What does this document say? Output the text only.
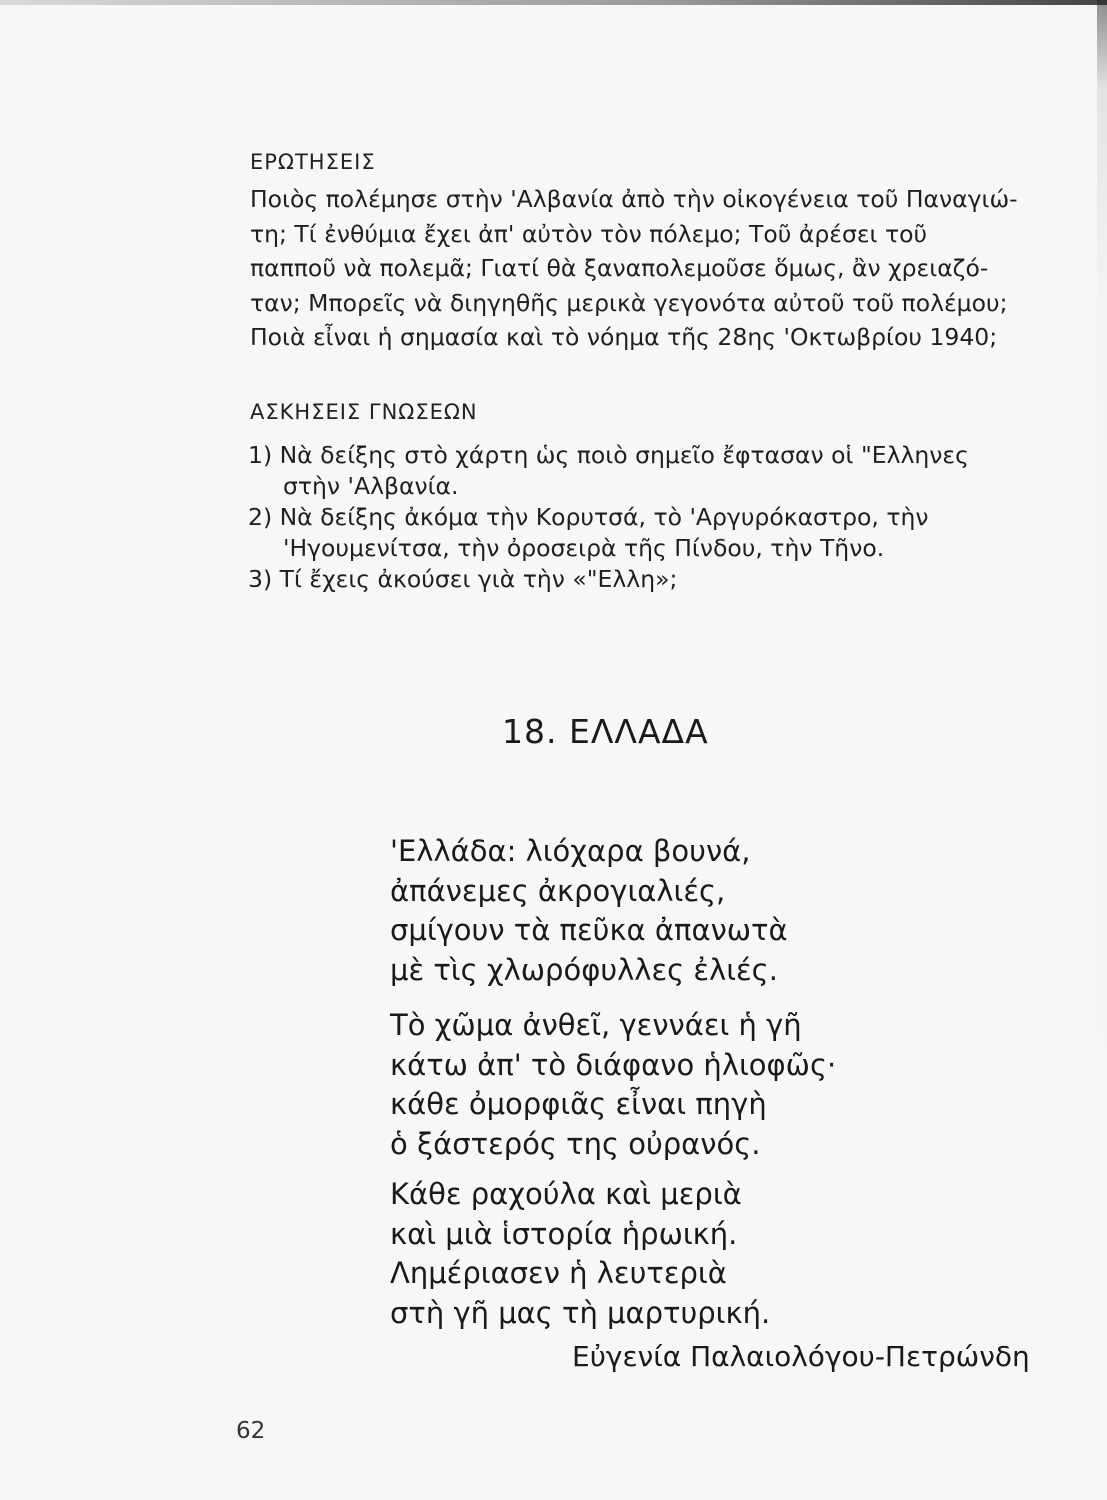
ΕΡΩΤΗΣΕΙΣ
Ποιὸς πολέμησε στὴν 'Αλβανία ἀπὸ τὴν οἰκογένεια τοῦ Παναγιώ-
τη; Τί ἐνθύμια ἔχει ἀπ' αὐτὸν τὸν πόλεμο; Τοῦ ἀρέσει τοῦ
παπποῦ νὰ πολεμᾶ; Γιατί θὰ ξαναπολεμοῦσε ὅμως, ἂν χρειαζό-
ταν; Μπορεῖς νὰ διηγηθῆς μερικὰ γεγονότα αὐτοῦ τοῦ πολέμου;
Ποιὰ εἶναι ἡ σημασία καὶ τὸ νόημα τῆς 28ης 'Οκτωβρίου 1940;
ΑΣΚΗΣΕΙΣ ΓΝΩΣΕΩΝ
1) Νὰ δείξης στὸ χάρτη ὡς ποιὸ σημεῖο ἔφτασαν οἱ "Ελληνες
στὴν 'Αλβανία.
2) Νὰ δείξης ἀκόμα τὴν Κορυτσά, τὸ 'Αργυρόκαστρο, τὴν
'Ηγουμενίτσα, τὴν ὀροσειρὰ τῆς Πίνδου, τὴν Τῆνο.
3) Τί ἔχεις ἀκούσει γιὰ τὴν «"Ελλη»;
18. ΕΛΛΑΔΑ
'Ελλάδα: λιόχαρα βουνά,
ἀπάνεμες ἀκρογιαλιές,
σμίγουν τὰ πεῦκα ἀπανωτὰ
μὲ τὶς χλωρόφυλλες ἐλιές.
Τὸ χῶμα ἀνθεῖ, γεννάει ἡ γῆ
κάτω ἀπ' τὸ διάφανο ἡλιοφῶς·
κάθε ὀμορφιᾶς εἶναι πηγὴ
ὁ ξάστερός της οὐρανός.
Κάθε ραχούλα καὶ μεριὰ
καὶ μιὰ ἱστορία ἡρωική.
Λημέριασεν ἡ λευτεριὰ
στὴ γῆ μας τὴ μαρτυρική.
Εὐγενία Παλαιολόγου-Πετρώνδη
62
